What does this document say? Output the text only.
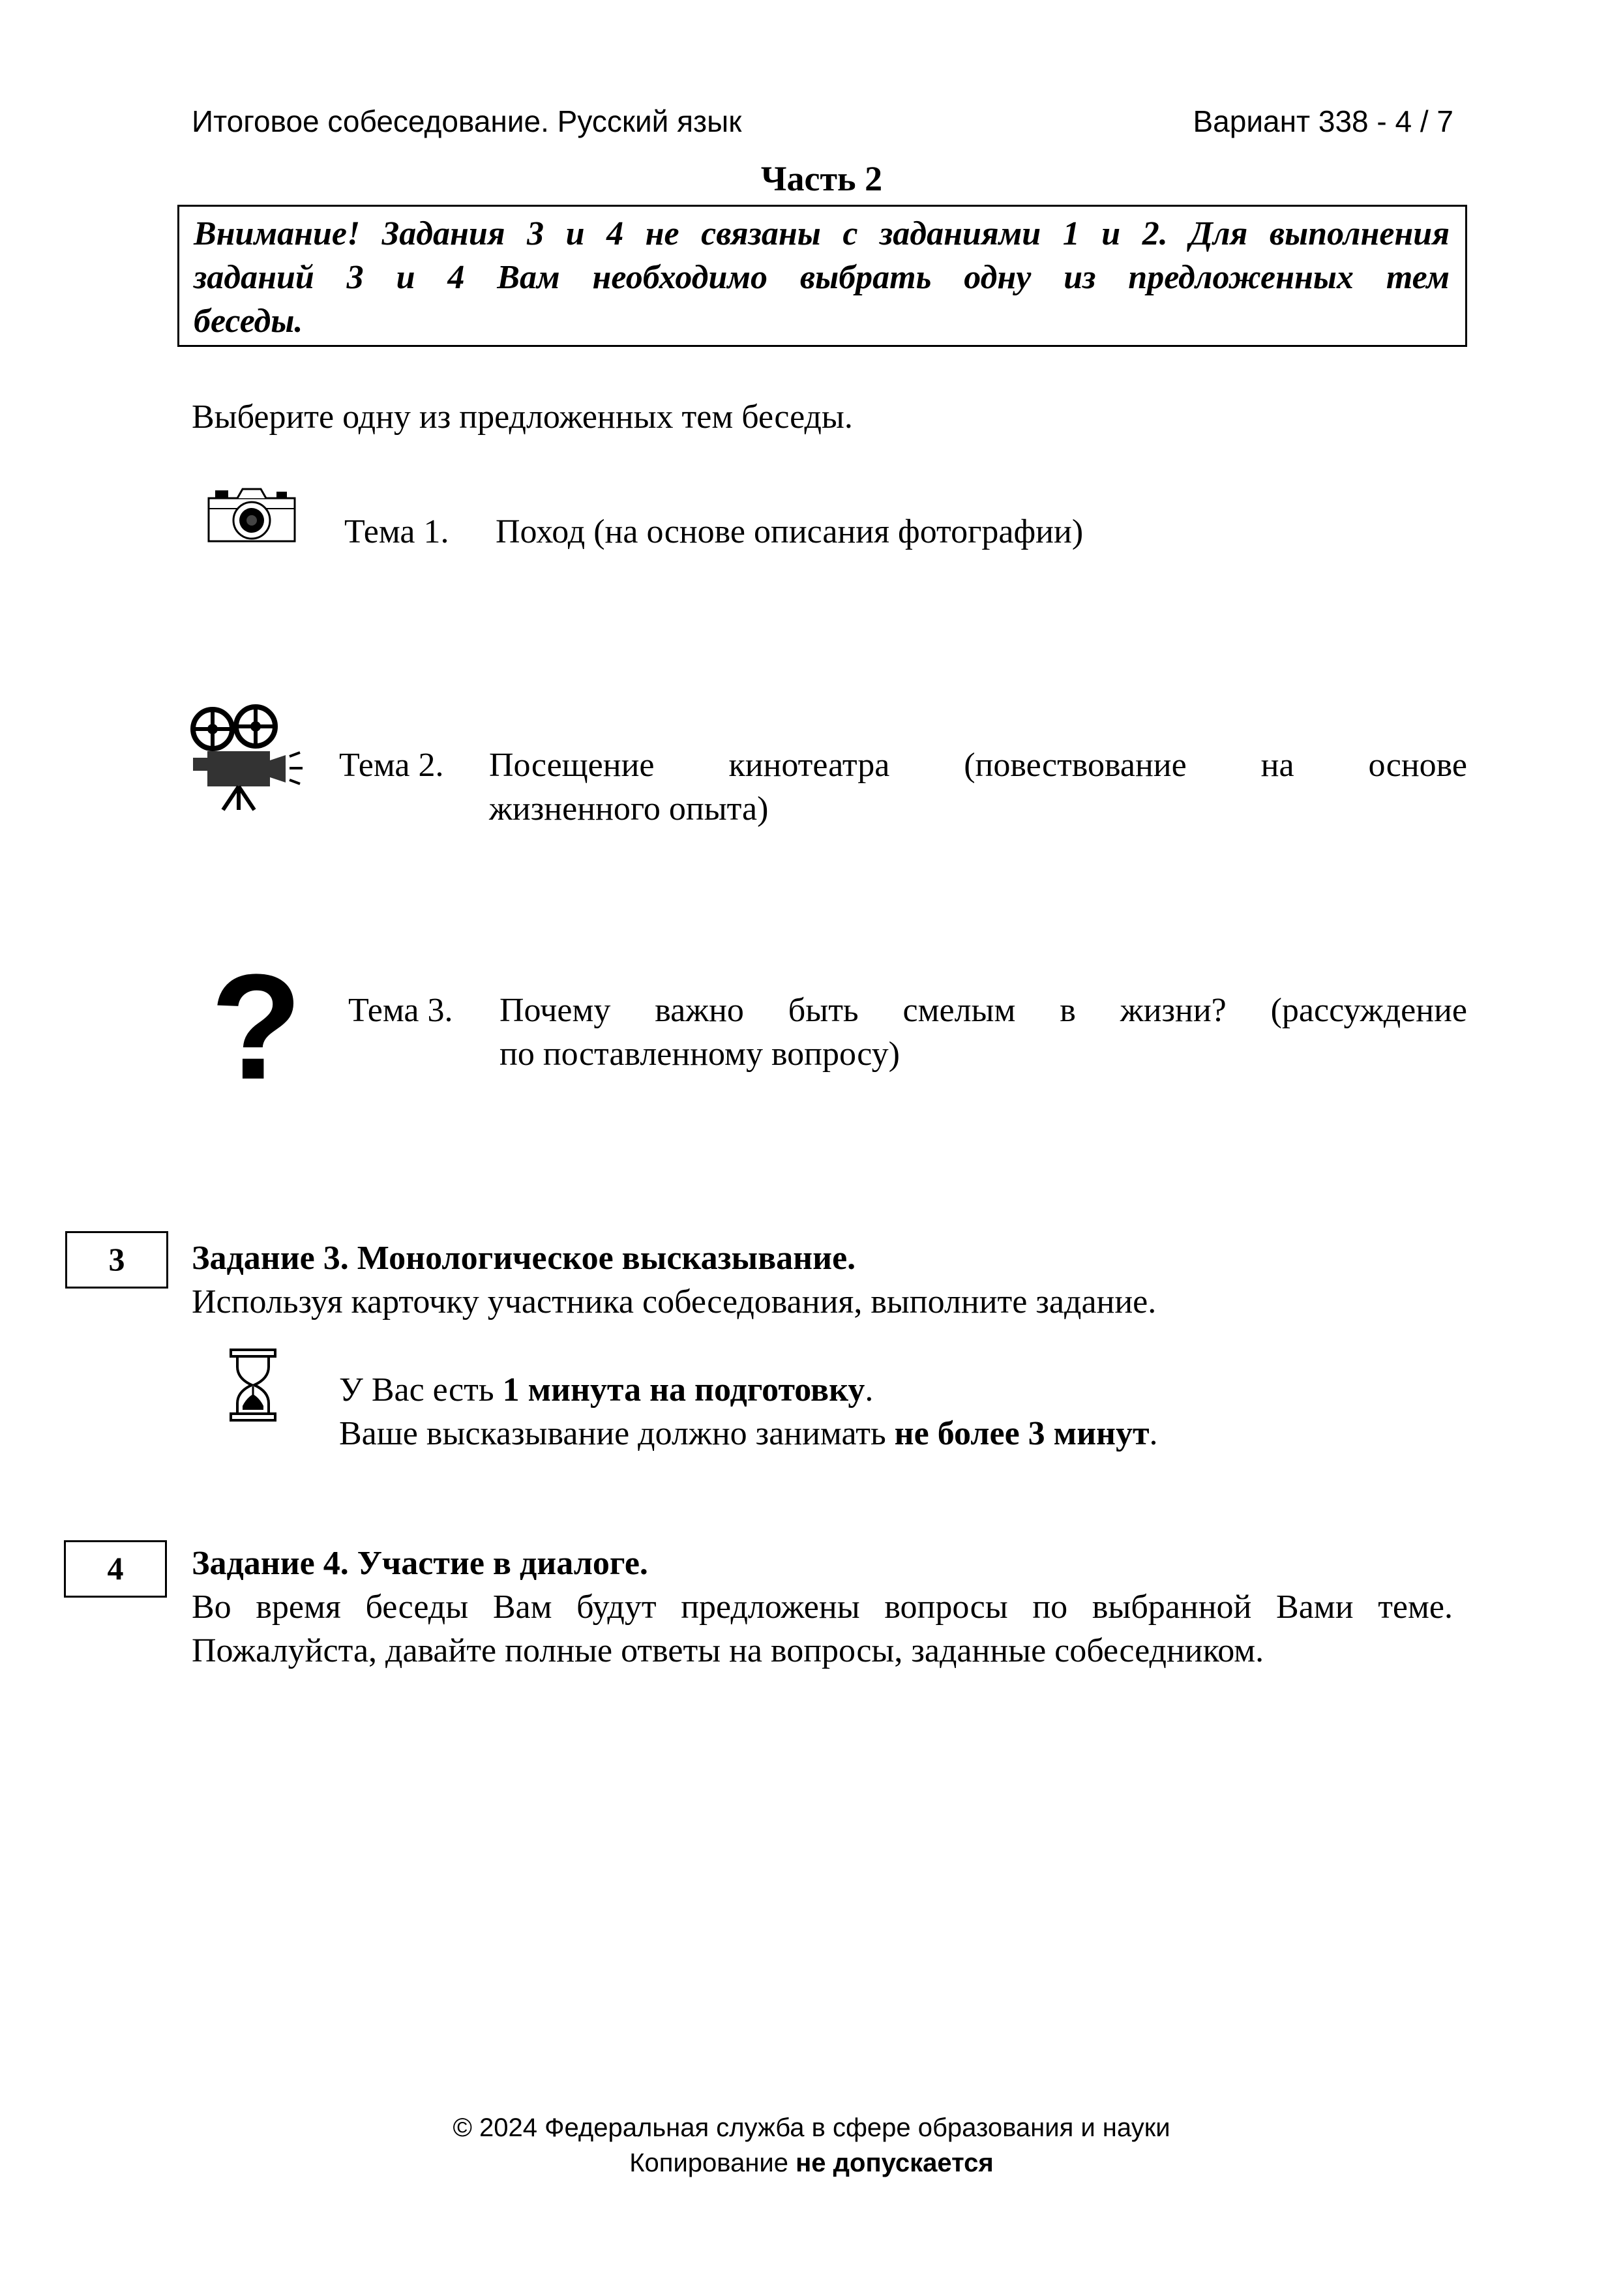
Итоговое собеседование. Русский язык	Вариант 338 - 4 / 7
Часть 2
Внимание! Задания 3 и 4 не связаны с заданиями 1 и 2. Для выполнения
заданий 3 и 4 Вам необходимо выбрать одну из предложенных тем
беседы.
Выберите одну из предложенных тем беседы.
Тема 1. Поход (на основе описания фотографии)
Тема 2. Посещение кинотеатра (повествование на основе
жизненного опыта)
? Тема 3. Почему важно быть смелым в жизни? (рассуждение
по поставленному вопросу)
3	Задание 3. Монологическое высказывание.
Используя карточку участника собеседования, выполните задание.
У Вас есть 1 минута на подготовку.
Ваше высказывание должно занимать не более 3 минут.
4	Задание 4. Участие в диалоге.
Во время беседы Вам будут предложены вопросы по выбранной Вами теме.
Пожалуйста, давайте полные ответы на вопросы, заданные собеседником.
© 2024 Федеральная служба в сфере образования и науки
Копирование не допускается
